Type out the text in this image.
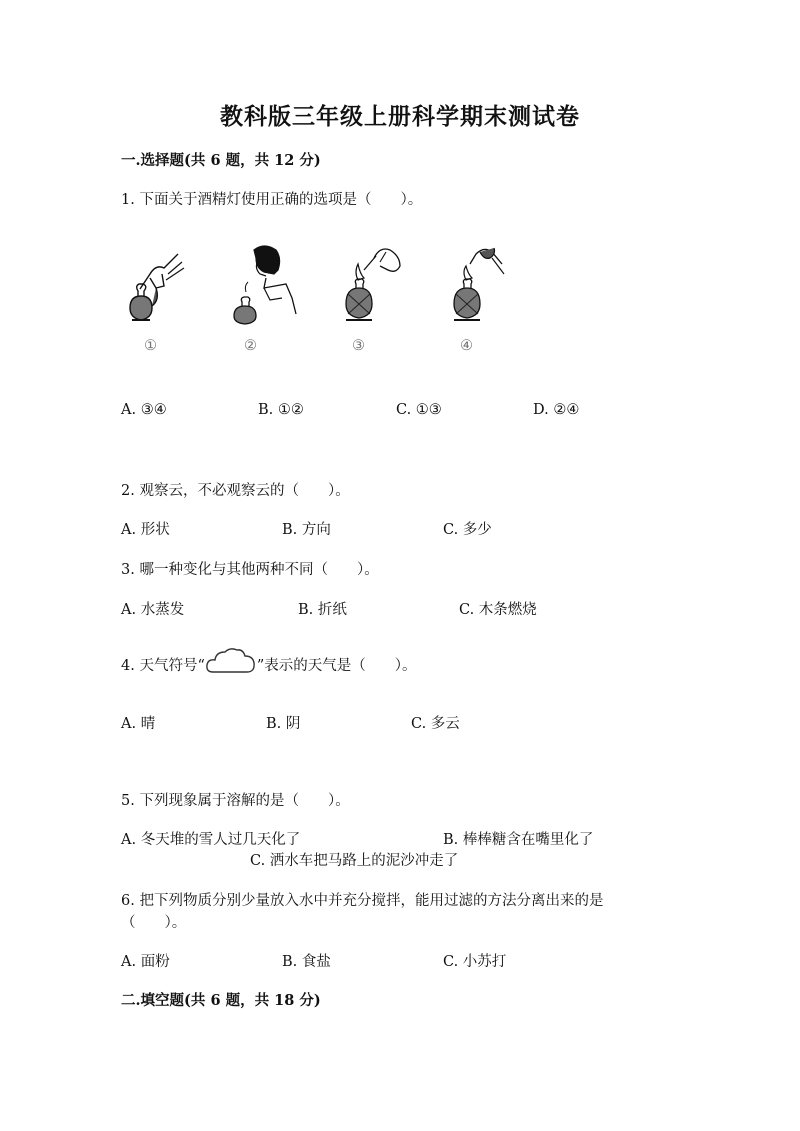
教科版三年级上册科学期末测试卷
一.选择题(共 6 题，共 12 分)
1. 下面关于酒精灯使用正确的选项是（　　）。
①	②	③	④
A. ③④	B. ①②	C. ①③	D. ②④
2. 观察云，不必观察云的（　　）。
A. 形状	B. 方向	C. 多少
3. 哪一种变化与其他两种不同（　　）。
A. 水蒸发	B. 折纸	C. 木条燃烧
4. 天气符号“	”表示的天气是（　　）。
A. 晴	B. 阴	C. 多云
5. 下列现象属于溶解的是（　　）。
A. 冬天堆的雪人过几天化了	B. 棒棒糖含在嘴里化了
C. 洒水车把马路上的泥沙冲走了
6. 把下列物质分别少量放入水中并充分搅拌，能用过滤的方法分离出来的是
（　　）。
A. 面粉	B. 食盐	C. 小苏打
二.填空题(共 6 题，共 18 分)
